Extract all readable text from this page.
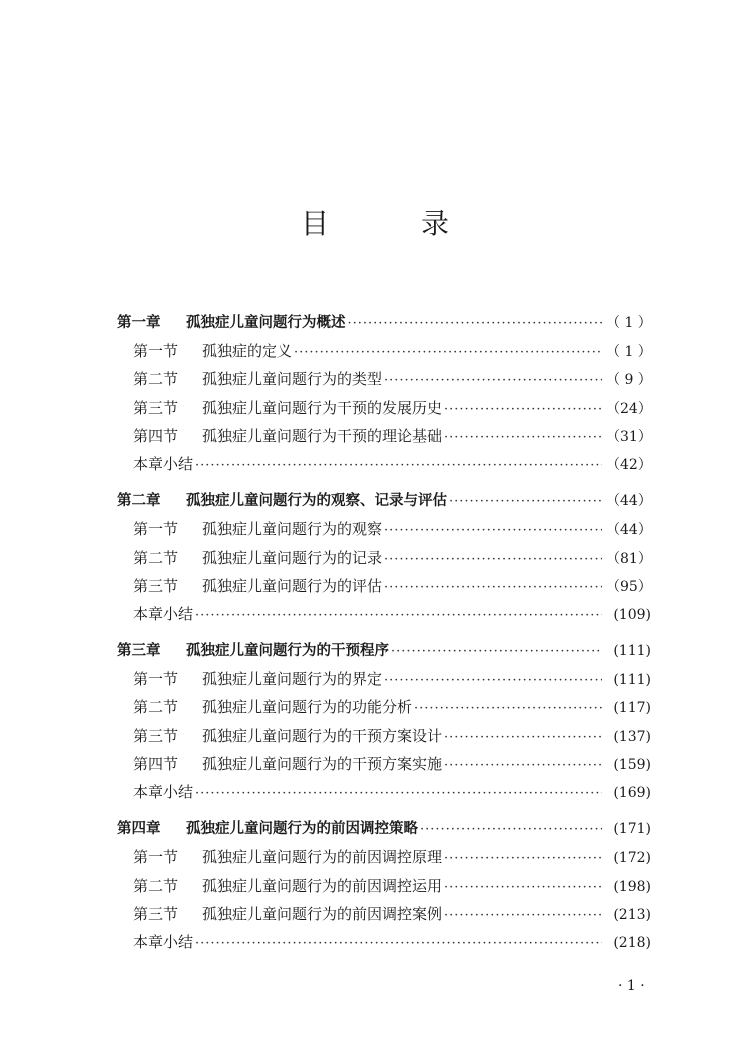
目　录
第一章	孤独症儿童问题行为概述 ·····	（ 1 ）
第一节	孤独症的定义 ·····	（ 1 ）
第二节	孤独症儿童问题行为的类型 ·····	（ 9 ）
第三节	孤独症儿童问题行为干预的发展历史 ·····	（24）
第四节	孤独症儿童问题行为干预的理论基础 ·····	（31）
本章小结 ·····	（42）
第二章	孤独症儿童问题行为的观察、记录与评估 ·····	（44）
第一节	孤独症儿童问题行为的观察 ·····	（44）
第二节	孤独症儿童问题行为的记录 ·····	（81）
第三节	孤独症儿童问题行为的评估 ·····	（95）
本章小结 ·····	(109)
第三章	孤独症儿童问题行为的干预程序 ·····	(111)
第一节	孤独症儿童问题行为的界定 ·····	(111)
第二节	孤独症儿童问题行为的功能分析 ·····	(117)
第三节	孤独症儿童问题行为的干预方案设计 ·····	(137)
第四节	孤独症儿童问题行为的干预方案实施 ·····	(159)
本章小结 ·····	(169)
第四章	孤独症儿童问题行为的前因调控策略 ·····	(171)
第一节	孤独症儿童问题行为的前因调控原理 ·····	(172)
第二节	孤独症儿童问题行为的前因调控运用 ·····	(198)
第三节	孤独症儿童问题行为的前因调控案例 ·····	(213)
本章小结 ·····	(218)
· 1 ·
